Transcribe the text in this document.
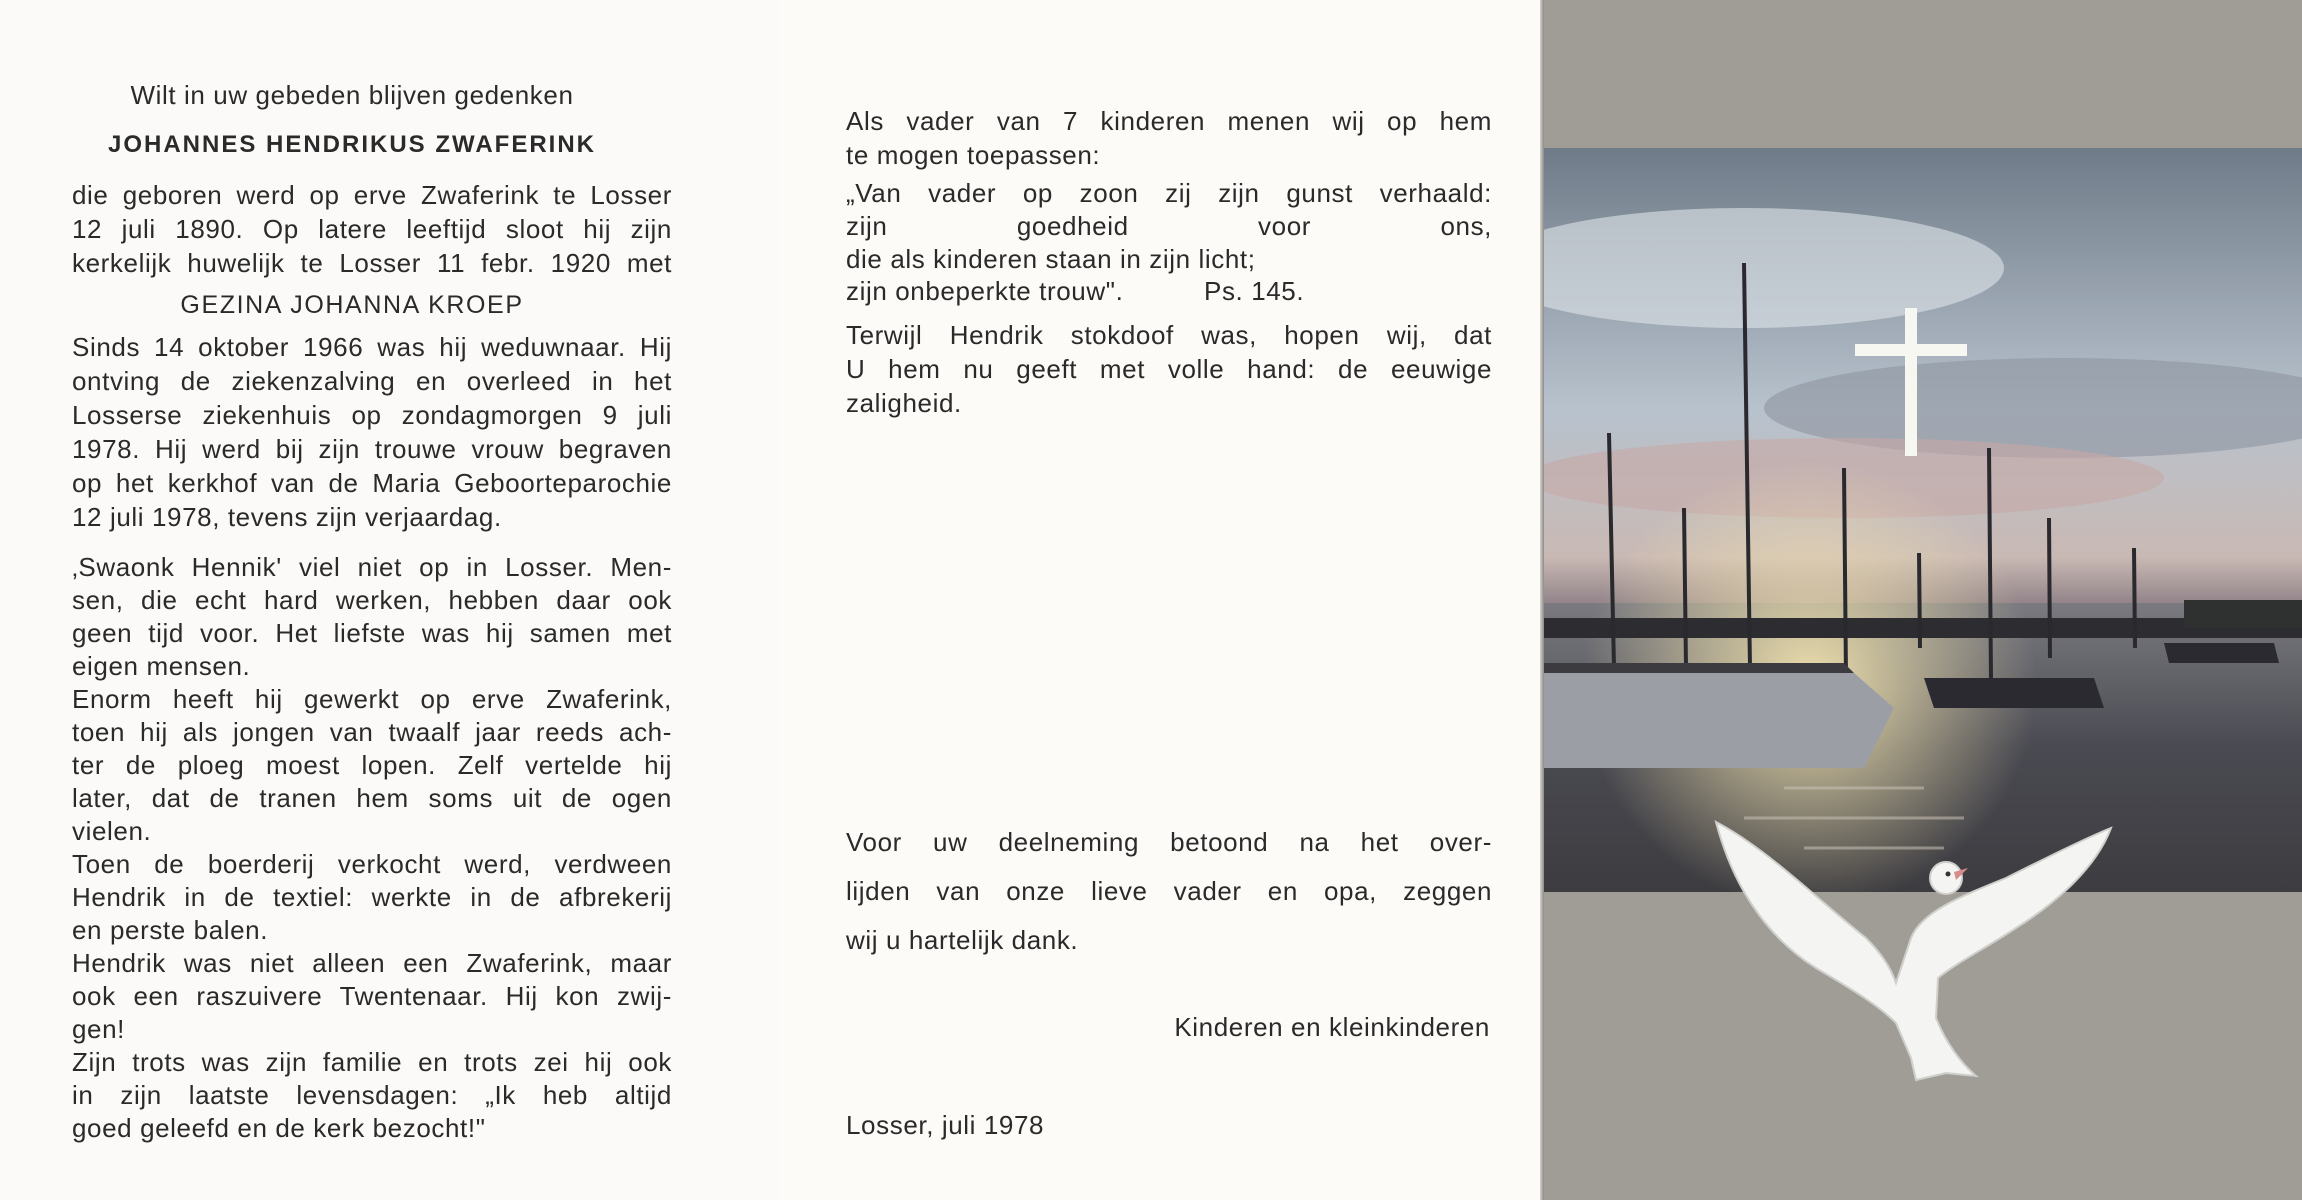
Wilt in uw gebeden blijven gedenken

JOHANNES HENDRIKUS ZWAFERINK

die geboren werd op erve Zwaferink te Losser

12 juli 1890. Op latere leeftijd sloot hij zijn

kerkelijk huwelijk te Losser 11 febr. 1920 met

GEZINA JOHANNA KROEP

Sinds 14 oktober 1966 was hij weduwnaar. Hij

ontving de ziekenzalving en overleed in het

Losserse ziekenhuis op zondagmorgen 9 juli

1978. Hij werd bij zijn trouwe vrouw begraven

op het kerkhof van de Maria Geboorteparochie

12 juli 1978, tevens zijn verjaardag.

‚Swaonk Hennik' viel niet op in Losser. Men-

sen, die echt hard werken, hebben daar ook

geen tijd voor. Het liefste was hij samen met

eigen mensen.

Enorm heeft hij gewerkt op erve Zwaferink,

toen hij als jongen van twaalf jaar reeds ach-

ter de ploeg moest lopen. Zelf vertelde hij

later, dat de tranen hem soms uit de ogen

vielen.

Toen de boerderij verkocht werd, verdween

Hendrik in de textiel: werkte in de afbrekerij

en perste balen.

Hendrik was niet alleen een Zwaferink, maar

ook een raszuivere Twentenaar. Hij kon zwij-

gen!

Zijn trots was zijn familie en trots zei hij ook

in zijn laatste levensdagen: „Ik heb altijd

goed geleefd en de kerk bezocht!"

Als vader van 7 kinderen menen wij op hem

te mogen toepassen:

„Van vader op zoon zij zijn gunst verhaald:

zijn goedheid voor ons,

die als kinderen staan in zijn licht;

zijn onbeperkte trouw".	Ps. 145.

Terwijl Hendrik stokdoof was, hopen wij, dat

U hem nu geeft met volle hand: de eeuwige

zaligheid.

Voor uw deelneming betoond na het over-

lijden van onze lieve vader en opa, zeggen

wij u hartelijk dank.

Kinderen en kleinkinderen

Losser, juli 1978
